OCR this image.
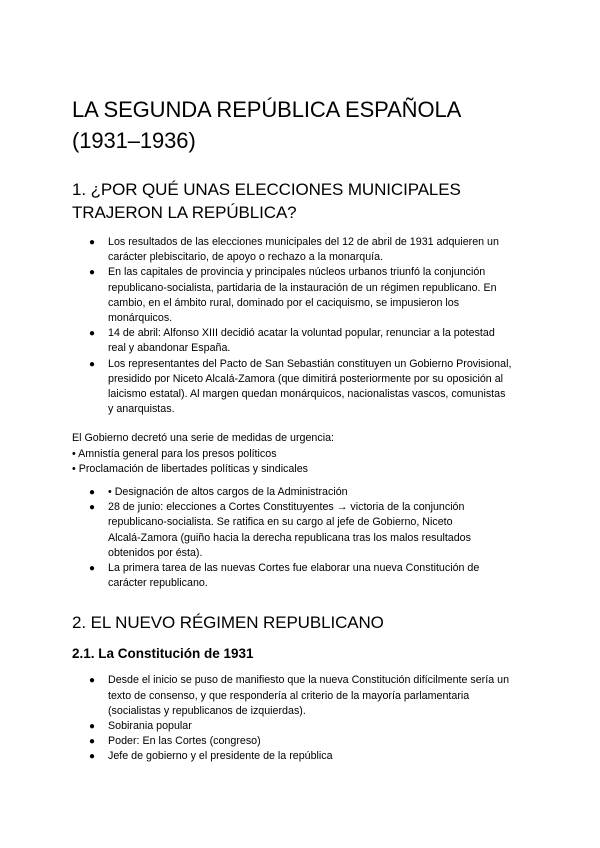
LA SEGUNDA REPÚBLICA ESPAÑOLA
(1931–1936)
1. ¿POR QUÉ UNAS ELECCIONES MUNICIPALES
TRAJERON LA REPÚBLICA?
● Los resultados de las elecciones municipales del 12 de abril de 1931 adquieren un
carácter plebiscitario, de apoyo o rechazo a la monarquía.
● En las capitales de provincia y principales núcleos urbanos triunfó la conjunción
republicano-socialista, partidaria de la instauración de un régimen republicano. En
cambio, en el ámbito rural, dominado por el caciquismo, se impusieron los
monárquicos.
● 14 de abril: Alfonso XIII decidió acatar la voluntad popular, renunciar a la potestad
real y abandonar España.
● Los representantes del Pacto de San Sebastián constituyen un Gobierno Provisional,
presidido por Niceto Alcalá-Zamora (que dimitirá posteriormente por su oposición al
laicismo estatal). Al margen quedan monárquicos, nacionalistas vascos, comunistas
y anarquistas.

El Gobierno decretó una serie de medidas de urgencia:

• Amnistía general para los presos políticos

• Proclamación de libertades políticas y sindicales

● • Designación de altos cargos de la Administración
● 28 de junio: elecciones a Cortes Constituyentes → victoria de la conjunción
republicano-socialista. Se ratifica en su cargo al jefe de Gobierno, Niceto
Alcalá-Zamora (guiño hacia la derecha republicana tras los malos resultados
obtenidos por ésta).
● La primera tarea de las nuevas Cortes fue elaborar una nueva Constitución de
carácter republicano.
2. EL NUEVO RÉGIMEN REPUBLICANO
2.1. La Constitución de 1931
● Desde el inicio se puso de manifiesto que la nueva Constitución difícilmente sería un
texto de consenso, y que respondería al criterio de la mayoría parlamentaria
(socialistas y republicanos de izquierdas).
● Sobirania popular
● Poder: En las Cortes (congreso)
● Jefe de gobierno y el presidente de la república
